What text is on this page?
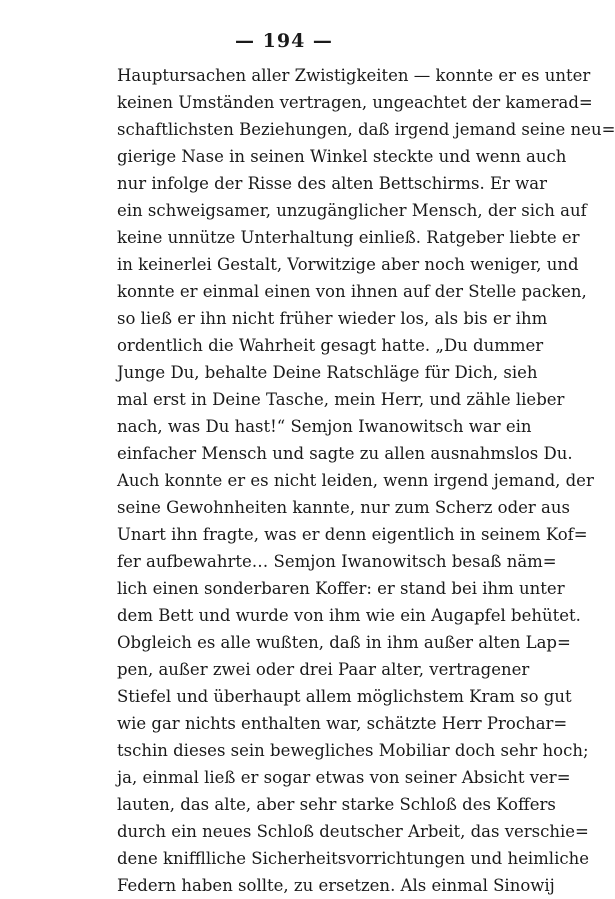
— 194 —
Hauptursachen aller Zwistigkeiten — konnte er es unter
keinen Umständen vertragen, ungeachtet der kamerad=
schaftlichsten Beziehungen, daß irgend jemand seine neu=
gierige Nase in seinen Winkel steckte und wenn auch
nur infolge der Risse des alten Bettschirms. Er war
ein schweigsamer, unzugänglicher Mensch, der sich auf
keine unnütze Unterhaltung einließ. Ratgeber liebte er
in keinerlei Gestalt, Vorwitzige aber noch weniger, und
konnte er einmal einen von ihnen auf der Stelle packen,
so ließ er ihn nicht früher wieder los, als bis er ihm
ordentlich die Wahrheit gesagt hatte. „Du dummer
Junge Du, behalte Deine Ratschläge für Dich, sieh
mal erst in Deine Tasche, mein Herr, und zähle lieber
nach, was Du hast!“ Semjon Iwanowitsch war ein
einfacher Mensch und sagte zu allen ausnahmslos Du.
Auch konnte er es nicht leiden, wenn irgend jemand, der
seine Gewohnheiten kannte, nur zum Scherz oder aus
Unart ihn fragte, was er denn eigentlich in seinem Kof=
fer aufbewahrte… Semjon Iwanowitsch besaß näm=
lich einen sonderbaren Koffer: er stand bei ihm unter
dem Bett und wurde von ihm wie ein Augapfel behütet.
Obgleich es alle wußten, daß in ihm außer alten Lap=
pen, außer zwei oder drei Paar alter, vertragener
Stiefel und überhaupt allem möglichstem Kram so gut
wie gar nichts enthalten war, schätzte Herr Prochar=
tschin dieses sein bewegliches Mobiliar doch sehr hoch;
ja, einmal ließ er sogar etwas von seiner Absicht ver=
lauten, das alte, aber sehr starke Schloß des Koffers
durch ein neues Schloß deutscher Arbeit, das verschie=
dene knifflliche Sicherheitsvorrichtungen und heimliche
Federn haben sollte, zu ersetzen. Als einmal Sinowij
